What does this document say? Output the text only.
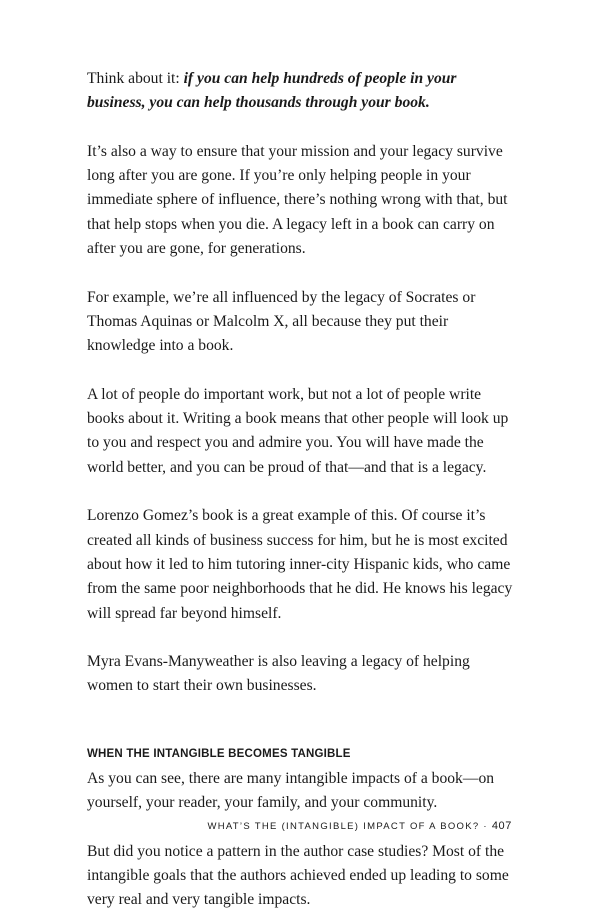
Think about it: if you can help hundreds of people in your business, you can help thousands through your book.

It’s also a way to ensure that your mission and your legacy survive long after you are gone. If you’re only helping people in your immediate sphere of influence, there’s nothing wrong with that, but that help stops when you die. A legacy left in a book can carry on after you are gone, for generations.

For example, we’re all influenced by the legacy of Socrates or Thomas Aquinas or Malcolm X, all because they put their knowledge into a book.

A lot of people do important work, but not a lot of people write books about it. Writing a book means that other people will look up to you and respect you and admire you. You will have made the world better, and you can be proud of that—and that is a legacy.

Lorenzo Gomez’s book is a great example of this. Of course it’s created all kinds of business success for him, but he is most excited about how it led to him tutoring inner-city Hispanic kids, who came from the same poor neighborhoods that he did. He knows his legacy will spread far beyond himself.

Myra Evans-Manyweather is also leaving a legacy of helping women to start their own businesses.

WHEN THE INTANGIBLE BECOMES TANGIBLE

As you can see, there are many intangible impacts of a book—on yourself, your reader, your family, and your community.

But did you notice a pattern in the author case studies? Most of the intangible goals that the authors achieved ended up leading to some very real and very tangible impacts.

WHAT’S THE (INTANGIBLE) IMPACT OF A BOOK? · 407
